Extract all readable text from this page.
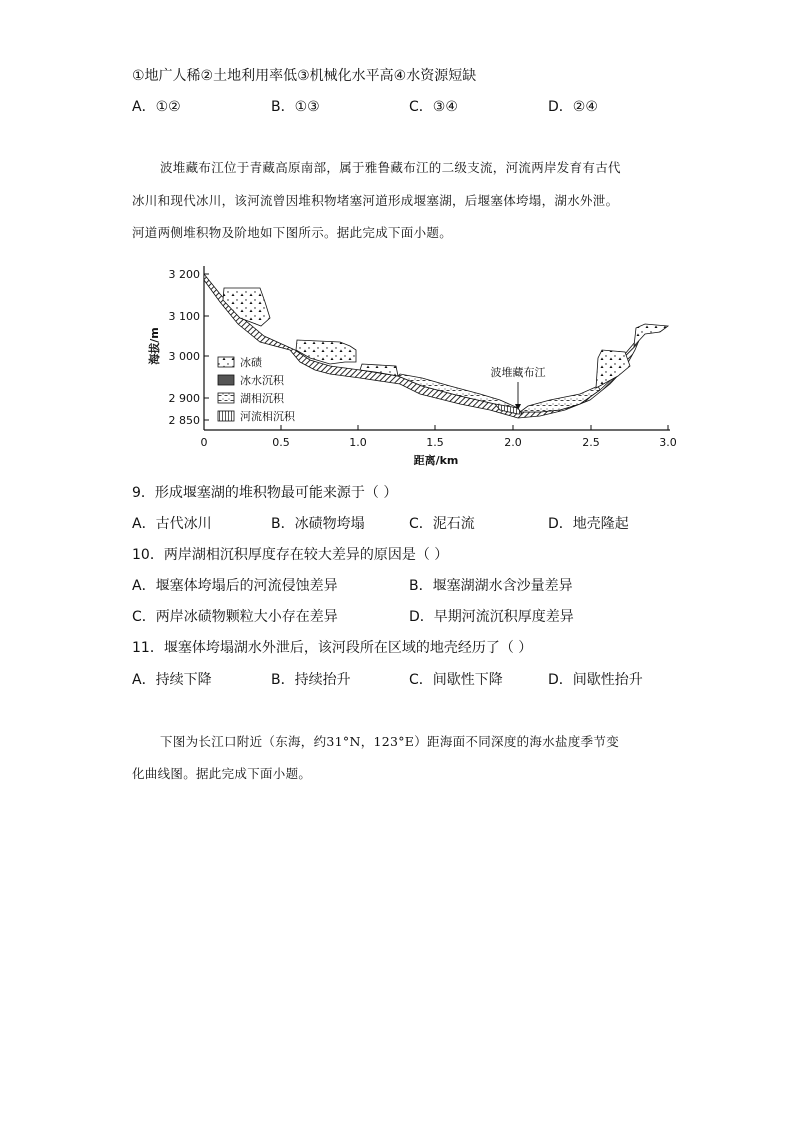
①地广人稀②土地利用率低③机械化水平高④水资源短缺
A．①②	B．①③	C．③④	D．②④
波堆藏布江位于青藏高原南部，属于雅鲁藏布江的二级支流，河流两岸发育有古代
冰川和现代冰川，该河流曾因堆积物堵塞河道形成堰塞湖，后堰塞体垮塌，湖水外泄。
河道两侧堆积物及阶地如下图所示。据此完成下面小题。
3 200
3 100
3 000
2 900
2 850
0	0.5	1.0	1.5	2.0	2.5	3.0
海拔/m
距离/km
波堆藏布江
冰碛
冰水沉积
湖相沉积
河流相沉积
9．形成堰塞湖的堆积物最可能来源于（ ）
A．古代冰川	B．冰碛物垮塌	C．泥石流	D．地壳隆起
10．两岸湖相沉积厚度存在较大差异的原因是（ ）
A．堰塞体垮塌后的河流侵蚀差异	B．堰塞湖湖水含沙量差异
C．两岸冰碛物颗粒大小存在差异	D．早期河流沉积厚度差异
11．堰塞体垮塌湖水外泄后，该河段所在区域的地壳经历了（ ）
A．持续下降	B．持续抬升	C．间歇性下降	D．间歇性抬升
下图为长江口附近（东海，约31°N，123°E）距海面不同深度的海水盐度季节变
化曲线图。据此完成下面小题。
